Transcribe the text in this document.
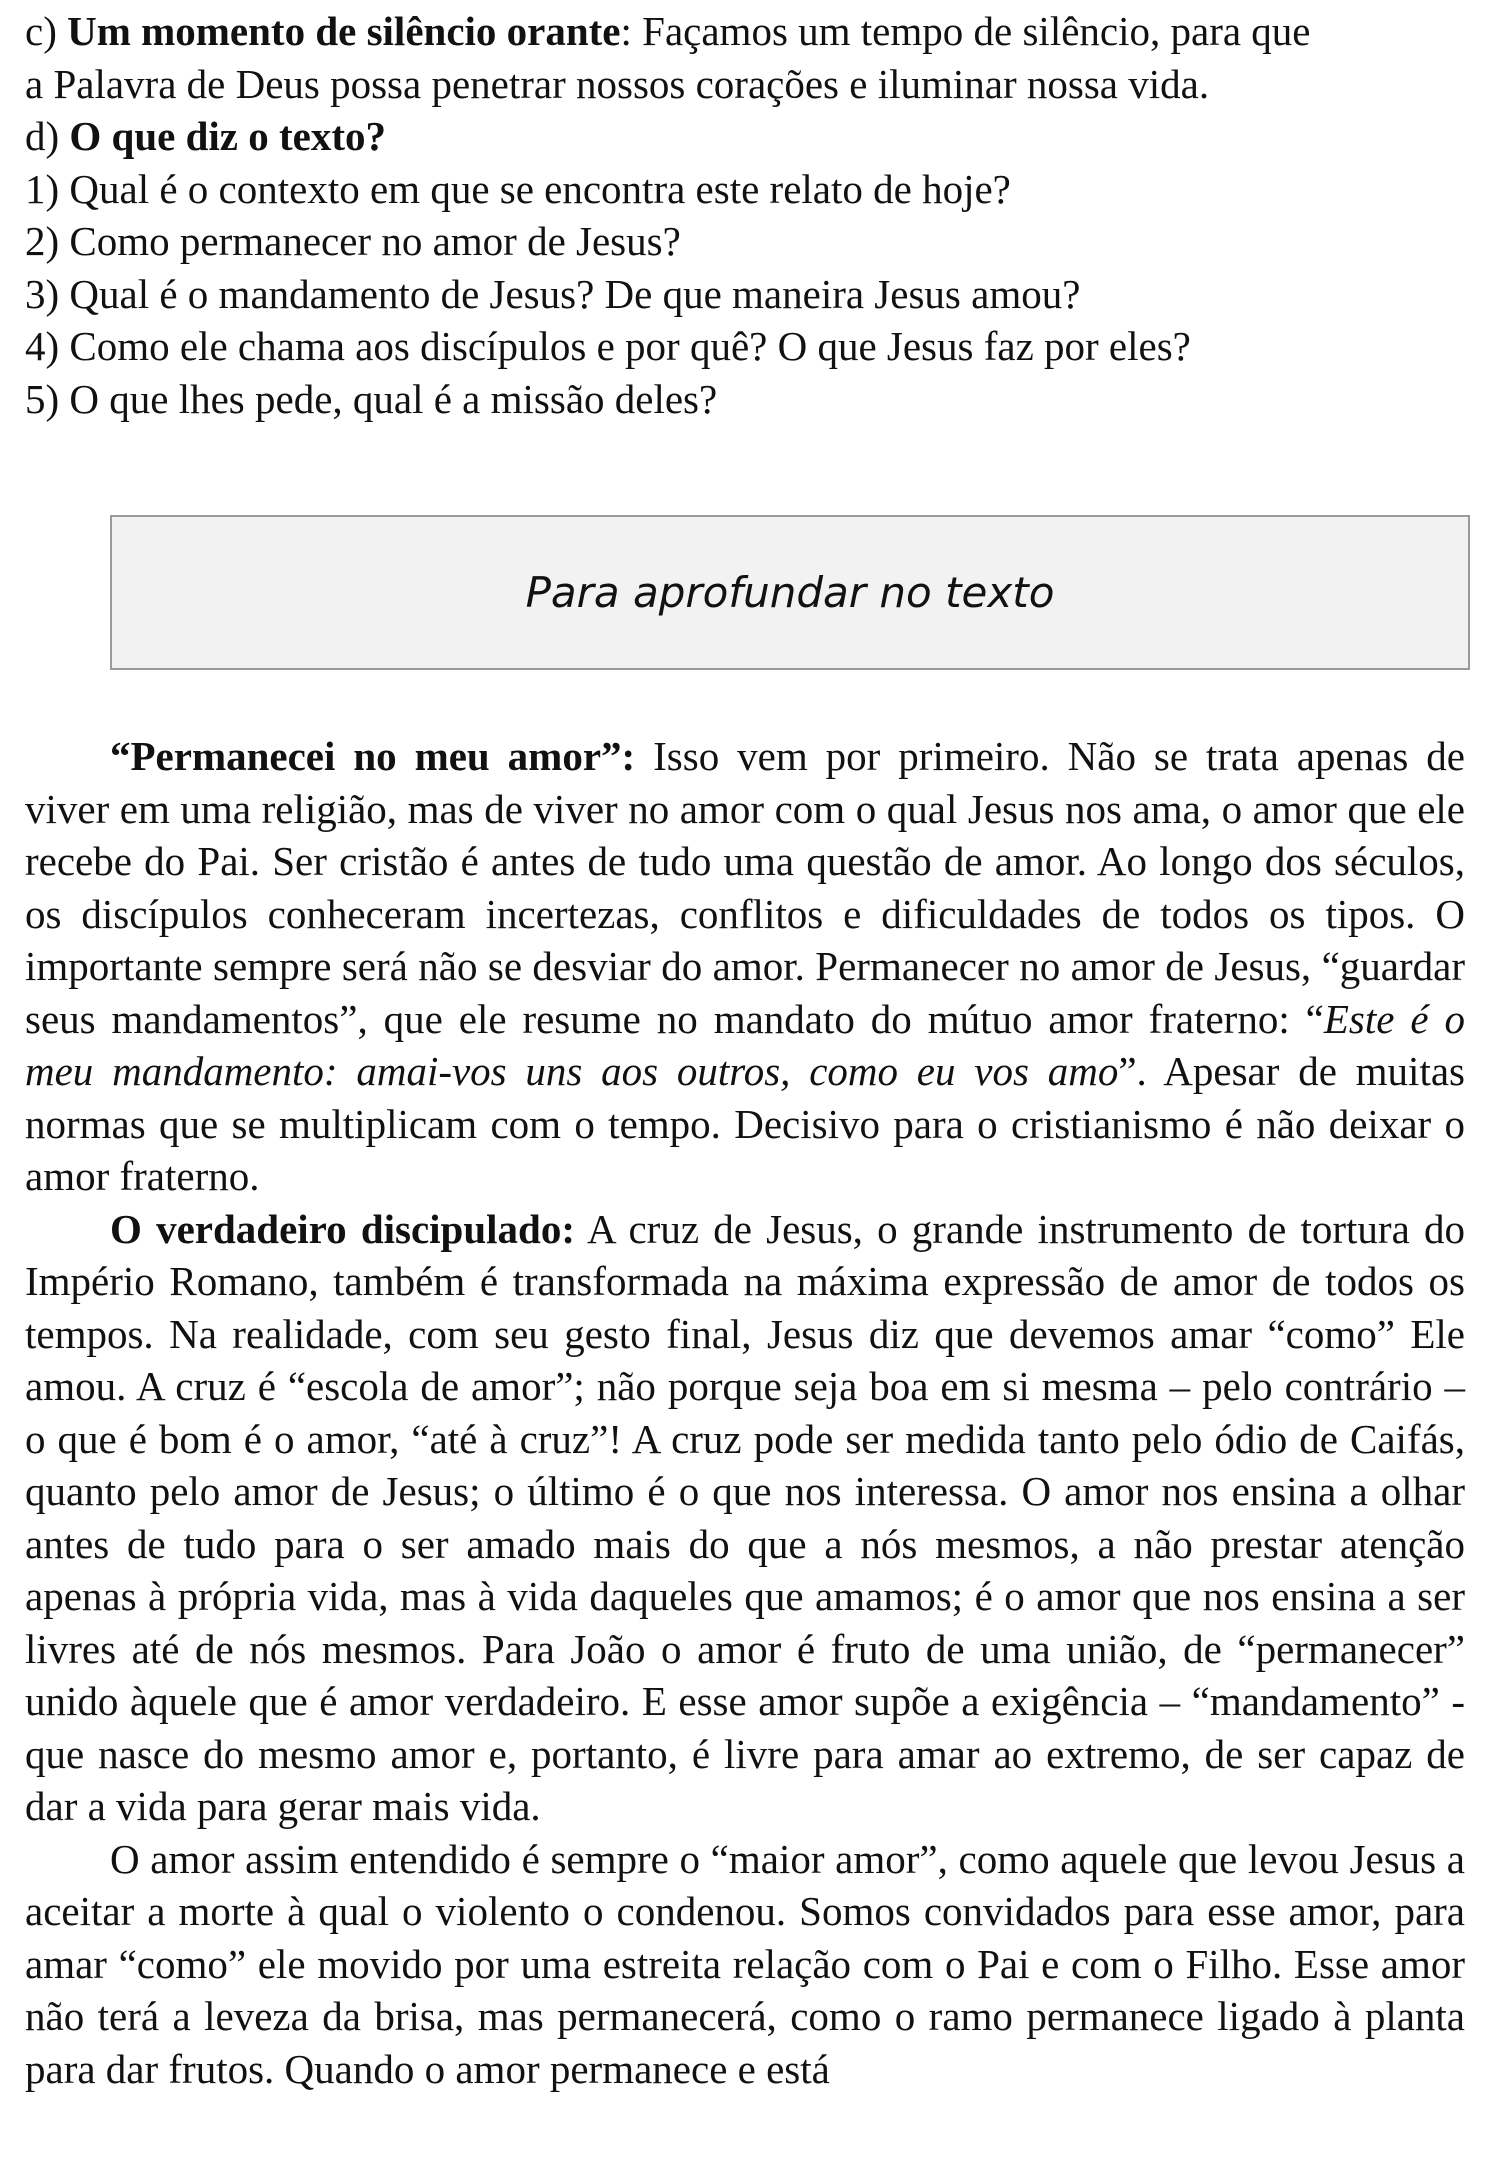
c) Um momento de silêncio orante: Façamos um tempo de silêncio, para que

a Palavra de Deus possa penetrar nossos corações e iluminar nossa vida.

d) O que diz o texto?

1) Qual é o contexto em que se encontra este relato de hoje?

2) Como permanecer no amor de Jesus?

3) Qual é o mandamento de Jesus? De que maneira Jesus amou?

4) Como ele chama aos discípulos e por quê? O que Jesus faz por eles?

5) O que lhes pede, qual é a missão deles?

Para aprofundar no texto

“Permanecei no meu amor”: Isso vem por primeiro. Não se trata apenas de viver em uma religião, mas de viver no amor com o qual Jesus nos ama, o amor que ele recebe do Pai. Ser cristão é antes de tudo uma questão de amor. Ao longo dos séculos, os discípulos conheceram incertezas, conflitos e dificuldades de todos os tipos. O importante sempre será não se desviar do amor. Permanecer no amor de Jesus, “guardar seus mandamentos”, que ele resume no mandato do mútuo amor fraterno: “Este é o meu mandamento: amai-vos uns aos outros, como eu vos amo”. Apesar de muitas normas que se multiplicam com o tempo. Decisivo para o cristianismo é não deixar o amor fraterno.

O verdadeiro discipulado: A cruz de Jesus, o grande instrumento de tortura do Império Romano, também é transformada na máxima expressão de amor de todos os tempos. Na realidade, com seu gesto final, Jesus diz que devemos amar “como” Ele amou. A cruz é “escola de amor”; não porque seja boa em si mesma – pelo contrário – o que é bom é o amor, “até à cruz”! A cruz pode ser medida tanto pelo ódio de Caifás, quanto pelo amor de Jesus; o último é o que nos interessa. O amor nos ensina a olhar antes de tudo para o ser amado mais do que a nós mesmos, a não prestar atenção apenas à própria vida, mas à vida daqueles que amamos; é o amor que nos ensina a ser livres até de nós mesmos. Para João o amor é fruto de uma união, de “permanecer” unido àquele que é amor verdadeiro. E esse amor supõe a exigência – “mandamento” - que nasce do mesmo amor e, portanto, é livre para amar ao extremo, de ser capaz de dar a vida para gerar mais vida.

O amor assim entendido é sempre o “maior amor”, como aquele que levou Jesus a aceitar a morte à qual o violento o condenou. Somos convidados para esse amor, para amar “como” ele movido por uma estreita relação com o Pai e com o Filho. Esse amor não terá a leveza da brisa, mas permanecerá, como o ramo permanece ligado à planta para dar frutos. Quando o amor permanece e está
